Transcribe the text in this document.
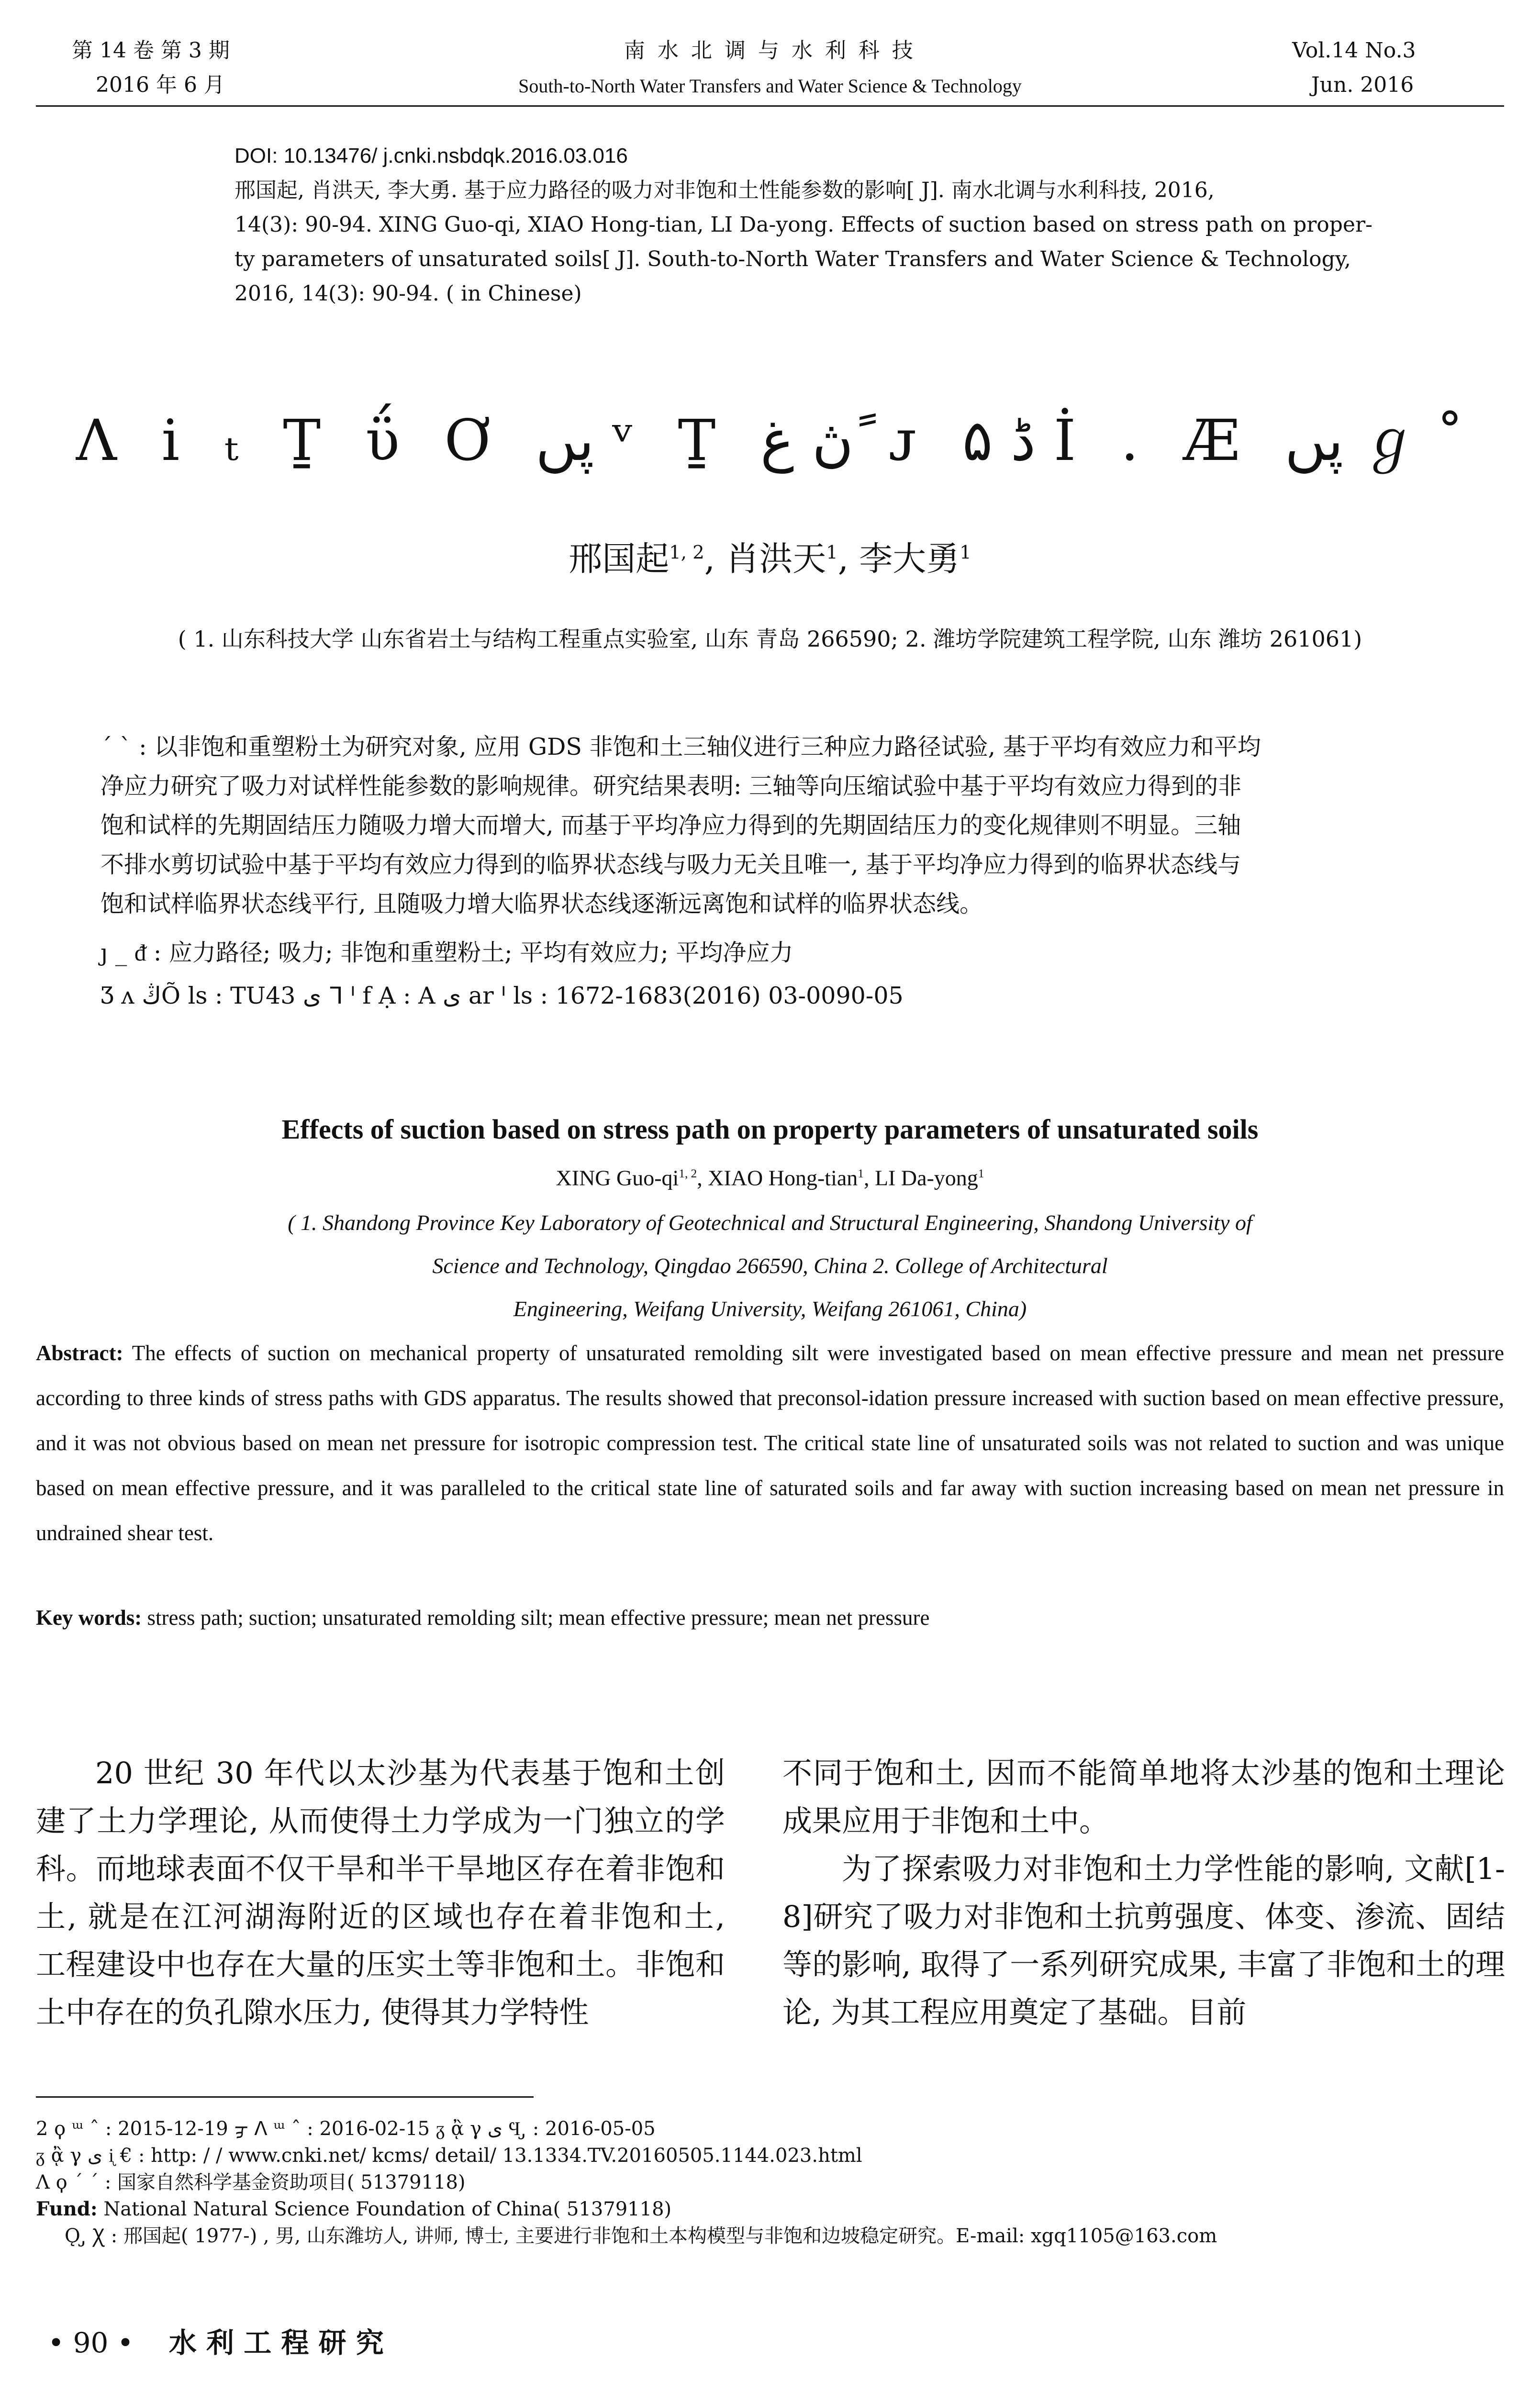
第 14 卷 第 3 期
2016 年 6 月
南 水 北 调 与 水 利 科 技
South-to-North Water Transfers and Water Science & Technology
Vol.14 No.3
Jun. 2016
DOI: 10.13476/ j.cnki.nsbdqk.2016.03.016
邢国起, 肖洪天, 李大勇. 基于应力路径的吸力对非饱和土性能参数的影响[ J]. 南水北调与水利科技, 2016,
14(3): 90-94. XING Guo-qi, XIAO Hong-tian, LI Da-yong. Effects of suction based on stress path on proper-
ty parameters of unsaturated soils[ J]. South-to-North Water Transfers and Water Science & Technology,
2016, 14(3): 90-94. ( in Chinese)
Ʌ i ₜ Ṯ ΰ Ơ پں ᵛ Ṯ ڽ غ ً ᴊ ۵ ڈ İ . Æ پں ℊ ˚
邢国起$^{1, 2}$, 肖洪天$^1$, 李大勇$^1$
( 1. 山东科技大学 山东省岩土与结构工程重点实验室, 山东 青岛 266590; 2. 潍坊学院建筑工程学院, 山东 潍坊 261061)
ˊ ˋ : 以非饱和重塑粉土为研究对象, 应用 GDS 非饱和土三轴仪进行三种应力路径试验, 基于平均有效应力和平均
净应力研究了吸力对试样性能参数的影响规律。研究结果表明: 三轴等向压缩试验中基于平均有效应力得到的非
饱和试样的先期固结压力随吸力增大而增大, 而基于平均净应力得到的先期固结压力的变化规律则不明显。三轴
不排水剪切试验中基于平均有效应力得到的临界状态线与吸力无关且唯一, 基于平均净应力得到的临界状态线与
饱和试样临界状态线平行, 且随吸力增大临界状态线逐渐远离饱和试样的临界状态线。
ȷ _ ᵭ : 应力路径; 吸力; 非饱和重塑粉土; 平均有效应力; 平均净应力
Ʒ ᴧ ڭÕ ls : TU43 ى ᒣ ᑊ f Ạ : A ى ar ᑊ ls : 1672-1683(2016) 03-0090-05
Effects of suction based on stress path on property parameters of unsaturated soils
XING Guo-qi$^{1, 2}$, XIAO Hong-tian$^1$, LI Da-yong$^1$
( 1. Shandong Province Key Laboratory of Geotechnical and Structural Engineering, Shandong University of
Science and Technology, Qingdao 266590, China 2. College of Architectural
Engineering, Weifang University, Weifang 261061, China)
Abstract: The effects of suction on mechanical property of unsaturated remolding silt were investigated based on mean effective pressure and mean net pressure according to three kinds of stress paths with GDS apparatus. The results showed that preconsol-idation pressure increased with suction based on mean effective pressure, and it was not obvious based on mean net pressure for isotropic compression test. The critical state line of unsaturated soils was not related to suction and was unique based on mean effective pressure, and it was paralleled to the critical state line of saturated soils and far away with suction increasing based on mean net pressure in undrained shear test.
Key words: stress path; suction; unsaturated remolding silt; mean effective pressure; mean net pressure

20 世纪 30 年代以太沙基为代表基于饱和土创建了土力学理论, 从而使得土力学成为一门独立的学科。而地球表面不仅干旱和半干旱地区存在着非饱和土, 就是在江河湖海附近的区域也存在着非饱和土, 工程建设中也存在大量的压实土等非饱和土。非饱和土中存在的负孔隙水压力, 使得其力学特性

不同于饱和土, 因而不能简单地将太沙基的饱和土理论成果应用于非饱和土中。

为了探索吸力对非饱和土力学性能的影响, 文献[1-8]研究了吸力对非饱和土抗剪强度、体变、渗流、固结等的影响, 取得了一系列研究成果, 丰富了非饱和土的理论, 为其工程应用奠定了基础。目前

2 ϙ ᵚ ˆ : 2015-12-19 ᢖ ᐱ ᵚ ˆ : 2016-02-15 ᵹ ᾂ γ ى Ϥ ̡ : 2016-05-05
ᵹ ᾂ γ ى ᶖ € : http: / / www.cnki.net/ kcms/ detail/ 13.1334.TV.20160505.1144.023.html
Ʌ ϙ ˊ ˊ : 国家自然科学基金资助项目( 51379118)
Fund: National Natural Science Foundation of China( 51379118)
Ǫ ̡ Ꭓ : 邢国起( 1977-) , 男, 山东潍坊人, 讲师, 博士, 主要进行非饱和土本构模型与非饱和边坡稳定研究。E-mail: xgq1105@163.com
• 90 • 水 利 工 程 研 究
